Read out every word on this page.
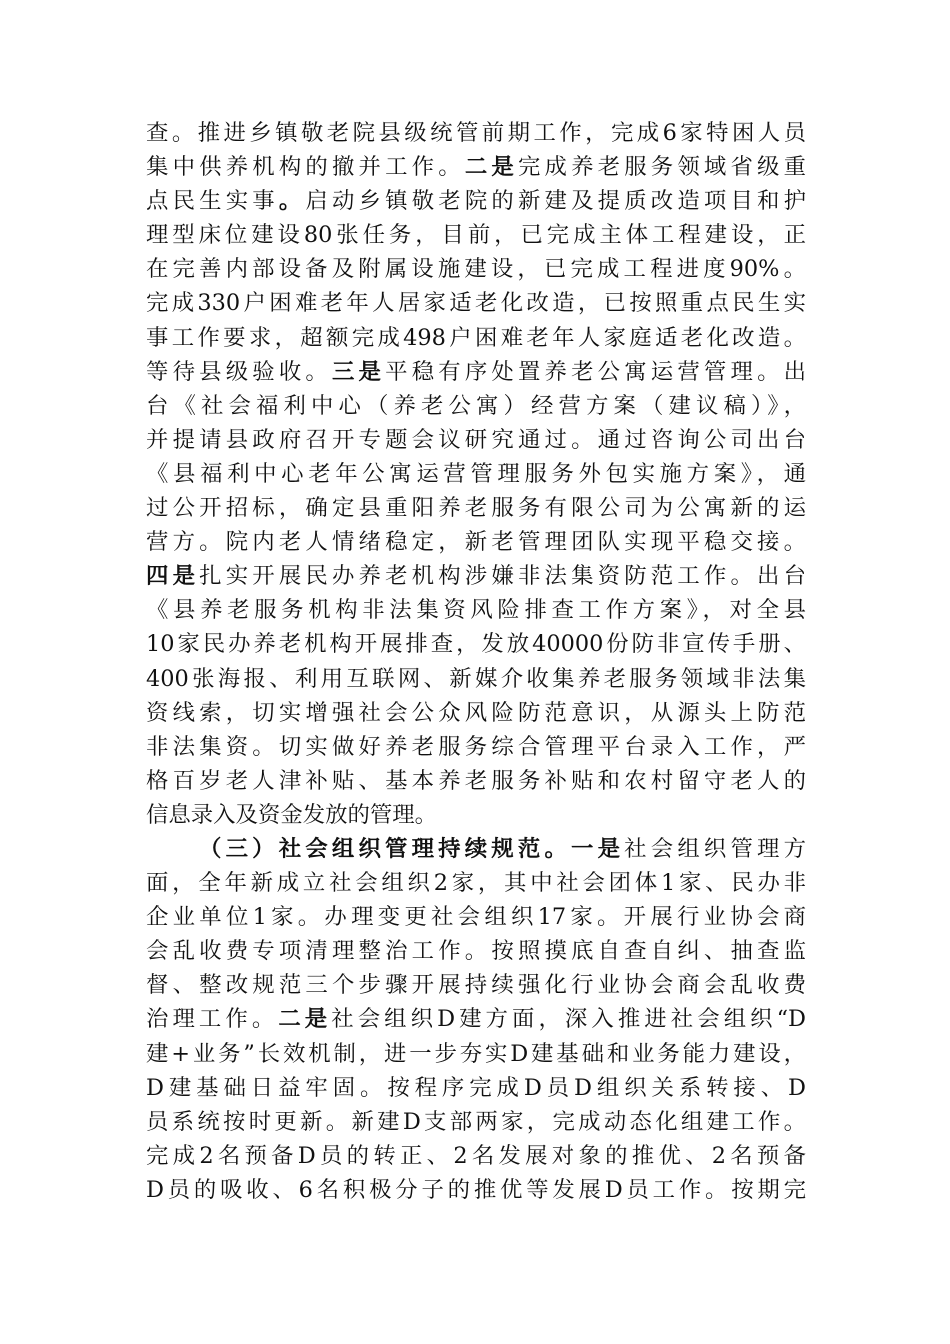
查。推进乡镇敬老院县级统管前期工作，完成6家特困人员
集中供养机构的撤并工作。二是完成养老服务领域省级重
点民生实事。启动乡镇敬老院的新建及提质改造项目和护
理型床位建设80张任务，目前，已完成主体工程建设，正
在完善内部设备及附属设施建设，已完成工程进度90%。
完成330户困难老年人居家适老化改造，已按照重点民生实
事工作要求，超额完成498户困难老年人家庭适老化改造。
等待县级验收。三是平稳有序处置养老公寓运营管理。出
台《社会福利中心（养老公寓）经营方案（建议稿）》，
并提请县政府召开专题会议研究通过。通过咨询公司出台
《县福利中心老年公寓运营管理服务外包实施方案》，通
过公开招标，确定县重阳养老服务有限公司为公寓新的运
营方。院内老人情绪稳定，新老管理团队实现平稳交接。
四是扎实开展民办养老机构涉嫌非法集资防范工作。出台
《县养老服务机构非法集资风险排查工作方案》，对全县
10家民办养老机构开展排查，发放40000份防非宣传手册、
400张海报、利用互联网、新媒介收集养老服务领域非法集
资线索，切实增强社会公众风险防范意识，从源头上防范
非法集资。切实做好养老服务综合管理平台录入工作，严
格百岁老人津补贴、基本养老服务补贴和农村留守老人的
信息录入及资金发放的管理。
（三）社会组织管理持续规范。一是社会组织管理方
面，全年新成立社会组织2家，其中社会团体1家、民办非
企业单位1家。办理变更社会组织17家。开展行业协会商
会乱收费专项清理整治工作。按照摸底自查自纠、抽查监
督、整改规范三个步骤开展持续强化行业协会商会乱收费
治理工作。二是社会组织D建方面，深入推进社会组织“D
建+业务”长效机制，进一步夯实D建基础和业务能力建设，
D建基础日益牢固。按程序完成D员D组织关系转接、D
员系统按时更新。新建D支部两家，完成动态化组建工作。
完成2名预备D员的转正、2名发展对象的推优、2名预备
D员的吸收、6名积极分子的推优等发展D员工作。按期完
